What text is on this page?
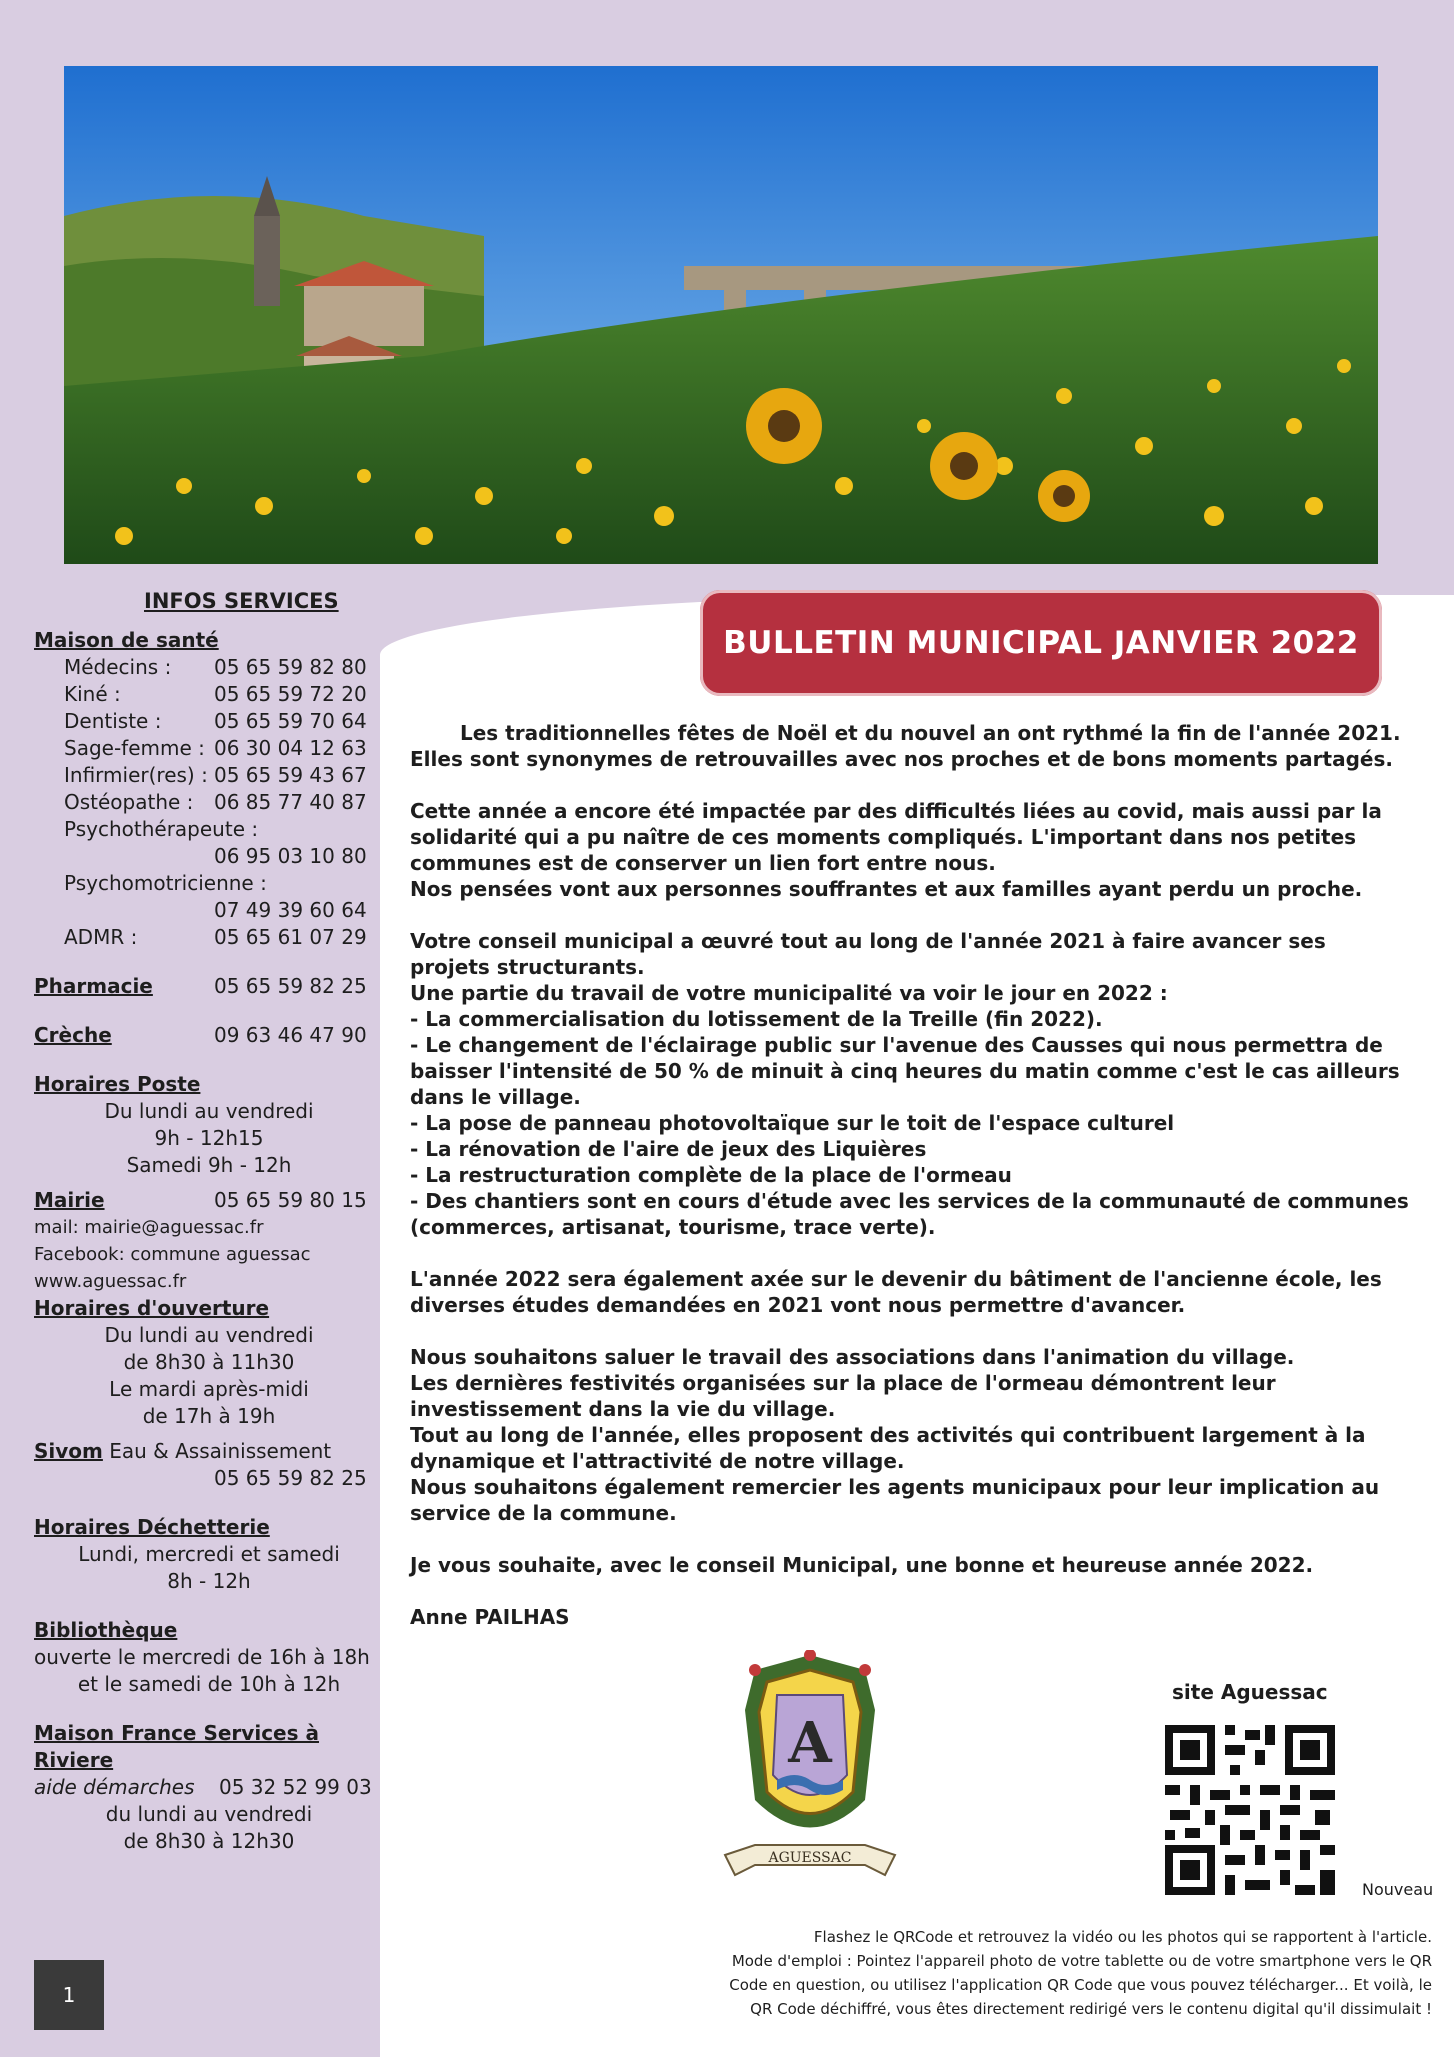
BULLETIN MUNICIPAL JANVIER 2022
INFOS SERVICES
Maison de santé
Médecins :	05 65 59 82 80
Kiné :	05 65 59 72 20
Dentiste :	05 65 59 70 64
Sage-femme : 06 30 04 12 63
Infirmier(res) : 05 65 59 43 67
Ostéopathe :	06 85 77 40 87
Psychothérapeute :
06 95 03 10 80
Psychomotricienne :
07 49 39 60 64
ADMR :	05 65 61 07 29
Pharmacie	05 65 59 82 25
Crèche	09 63 46 47 90
Horaires Poste
Du lundi au vendredi
9h - 12h15
Samedi 9h - 12h
Mairie	05 65 59 80 15
mail: mairie@aguessac.fr
Facebook: commune aguessac
www.aguessac.fr
Horaires d'ouverture
Du lundi au vendredi
de 8h30 à 11h30
Le mardi après-midi
de 17h à 19h
Sivom Eau & Assainissement
05 65 59 82 25
Horaires Déchetterie
Lundi, mercredi et samedi
8h - 12h
Bibliothèque
ouverte le mercredi de 16h à 18h
et le samedi de 10h à 12h
Maison France Services à Riviere
aide démarches	05 32 52 99 03
du lundi au vendredi
de 8h30 à 12h30

Les traditionnelles fêtes de Noël et du nouvel an ont rythmé la fin de l'année 2021.
Elles sont synonymes de retrouvailles avec nos proches et de bons moments partagés.

Cette année a encore été impactée par des difficultés liées au covid, mais aussi par la solidarité qui a pu naître de ces moments compliqués. L'important dans nos petites communes est de conserver un lien fort entre nous.
Nos pensées vont aux personnes souffrantes et aux familles ayant perdu un proche.

Votre conseil municipal a œuvré tout au long de l'année 2021 à faire avancer ses projets structurants.
Une partie du travail de votre municipalité va voir le jour en 2022 :
- La commercialisation du lotissement de la Treille (fin 2022).
- Le changement de l'éclairage public sur l'avenue des Causses qui nous permettra de baisser l'intensité de 50 % de minuit à cinq heures du matin comme c'est le cas ailleurs dans le village.
- La pose de panneau photovoltaïque sur le toit de l'espace culturel
- La rénovation de l'aire de jeux des Liquières
- La restructuration complète de la place de l'ormeau
- Des chantiers sont en cours d'étude avec les services de la communauté de communes (commerces, artisanat, tourisme, trace verte).

L'année 2022 sera également axée sur le devenir du bâtiment de l'ancienne école, les diverses études demandées en 2021 vont nous permettre d'avancer.

Nous souhaitons saluer le travail des associations dans l'animation du village.
Les dernières festivités organisées sur la place de l'ormeau démontrent leur investissement dans la vie du village.
Tout au long de l'année, elles proposent des activités qui contribuent largement à la dynamique et l'attractivité de notre village.
Nous souhaitons également remercier les agents municipaux pour leur implication au service de la commune.

Je vous souhaite, avec le conseil Municipal, une bonne et heureuse année 2022.

Anne PAILHAS

A
AGUESSAC
site Aguessac
Nouveau
Flashez le QRCode et retrouvez la vidéo ou les photos qui se rapportent à l'article.
Mode d'emploi : Pointez l'appareil photo de votre tablette ou de votre smartphone vers le QR
Code en question, ou utilisez l'application QR Code que vous pouvez télécharger... Et voilà, le
QR Code déchiffré, vous êtes directement redirigé vers le contenu digital qu'il dissimulait !
1
